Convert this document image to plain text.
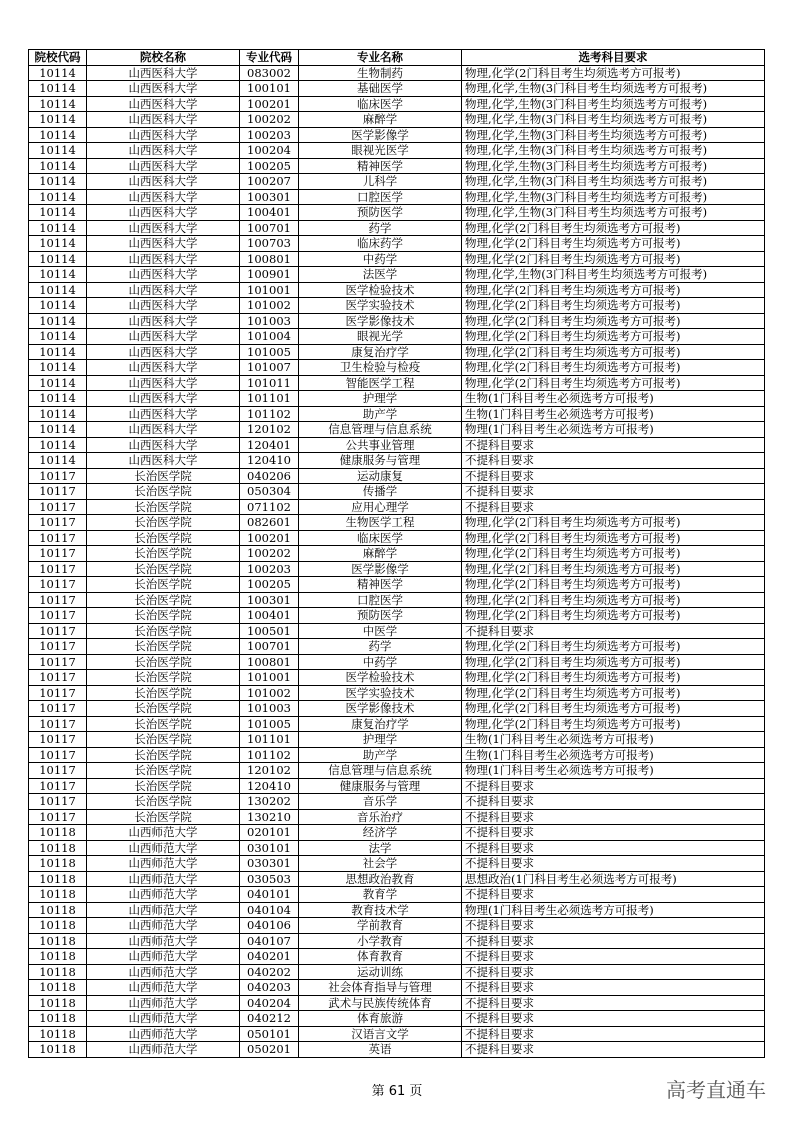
院校代码	院校名称	专业代码	专业名称	选考科目要求
10114	山西医科大学	083002	生物制药	物理,化学(2门科目考生均须选考方可报考)
10114	山西医科大学	100101	基础医学	物理,化学,生物(3门科目考生均须选考方可报考)
10114	山西医科大学	100201	临床医学	物理,化学,生物(3门科目考生均须选考方可报考)
10114	山西医科大学	100202	麻醉学	物理,化学,生物(3门科目考生均须选考方可报考)
10114	山西医科大学	100203	医学影像学	物理,化学,生物(3门科目考生均须选考方可报考)
10114	山西医科大学	100204	眼视光医学	物理,化学,生物(3门科目考生均须选考方可报考)
10114	山西医科大学	100205	精神医学	物理,化学,生物(3门科目考生均须选考方可报考)
10114	山西医科大学	100207	儿科学	物理,化学,生物(3门科目考生均须选考方可报考)
10114	山西医科大学	100301	口腔医学	物理,化学,生物(3门科目考生均须选考方可报考)
10114	山西医科大学	100401	预防医学	物理,化学,生物(3门科目考生均须选考方可报考)
10114	山西医科大学	100701	药学	物理,化学(2门科目考生均须选考方可报考)
10114	山西医科大学	100703	临床药学	物理,化学(2门科目考生均须选考方可报考)
10114	山西医科大学	100801	中药学	物理,化学(2门科目考生均须选考方可报考)
10114	山西医科大学	100901	法医学	物理,化学,生物(3门科目考生均须选考方可报考)
10114	山西医科大学	101001	医学检验技术	物理,化学(2门科目考生均须选考方可报考)
10114	山西医科大学	101002	医学实验技术	物理,化学(2门科目考生均须选考方可报考)
10114	山西医科大学	101003	医学影像技术	物理,化学(2门科目考生均须选考方可报考)
10114	山西医科大学	101004	眼视光学	物理,化学(2门科目考生均须选考方可报考)
10114	山西医科大学	101005	康复治疗学	物理,化学(2门科目考生均须选考方可报考)
10114	山西医科大学	101007	卫生检验与检疫	物理,化学(2门科目考生均须选考方可报考)
10114	山西医科大学	101011	智能医学工程	物理,化学(2门科目考生均须选考方可报考)
10114	山西医科大学	101101	护理学	生物(1门科目考生必须选考方可报考)
10114	山西医科大学	101102	助产学	生物(1门科目考生必须选考方可报考)
10114	山西医科大学	120102	信息管理与信息系统	物理(1门科目考生必须选考方可报考)
10114	山西医科大学	120401	公共事业管理	不提科目要求
10114	山西医科大学	120410	健康服务与管理	不提科目要求
10117	长治医学院	040206	运动康复	不提科目要求
10117	长治医学院	050304	传播学	不提科目要求
10117	长治医学院	071102	应用心理学	不提科目要求
10117	长治医学院	082601	生物医学工程	物理,化学(2门科目考生均须选考方可报考)
10117	长治医学院	100201	临床医学	物理,化学(2门科目考生均须选考方可报考)
10117	长治医学院	100202	麻醉学	物理,化学(2门科目考生均须选考方可报考)
10117	长治医学院	100203	医学影像学	物理,化学(2门科目考生均须选考方可报考)
10117	长治医学院	100205	精神医学	物理,化学(2门科目考生均须选考方可报考)
10117	长治医学院	100301	口腔医学	物理,化学(2门科目考生均须选考方可报考)
10117	长治医学院	100401	预防医学	物理,化学(2门科目考生均须选考方可报考)
10117	长治医学院	100501	中医学	不提科目要求
10117	长治医学院	100701	药学	物理,化学(2门科目考生均须选考方可报考)
10117	长治医学院	100801	中药学	物理,化学(2门科目考生均须选考方可报考)
10117	长治医学院	101001	医学检验技术	物理,化学(2门科目考生均须选考方可报考)
10117	长治医学院	101002	医学实验技术	物理,化学(2门科目考生均须选考方可报考)
10117	长治医学院	101003	医学影像技术	物理,化学(2门科目考生均须选考方可报考)
10117	长治医学院	101005	康复治疗学	物理,化学(2门科目考生均须选考方可报考)
10117	长治医学院	101101	护理学	生物(1门科目考生必须选考方可报考)
10117	长治医学院	101102	助产学	生物(1门科目考生必须选考方可报考)
10117	长治医学院	120102	信息管理与信息系统	物理(1门科目考生必须选考方可报考)
10117	长治医学院	120410	健康服务与管理	不提科目要求
10117	长治医学院	130202	音乐学	不提科目要求
10117	长治医学院	130210	音乐治疗	不提科目要求
10118	山西师范大学	020101	经济学	不提科目要求
10118	山西师范大学	030101	法学	不提科目要求
10118	山西师范大学	030301	社会学	不提科目要求
10118	山西师范大学	030503	思想政治教育	思想政治(1门科目考生必须选考方可报考)
10118	山西师范大学	040101	教育学	不提科目要求
10118	山西师范大学	040104	教育技术学	物理(1门科目考生必须选考方可报考)
10118	山西师范大学	040106	学前教育	不提科目要求
10118	山西师范大学	040107	小学教育	不提科目要求
10118	山西师范大学	040201	体育教育	不提科目要求
10118	山西师范大学	040202	运动训练	不提科目要求
10118	山西师范大学	040203	社会体育指导与管理	不提科目要求
10118	山西师范大学	040204	武术与民族传统体育	不提科目要求
10118	山西师范大学	040212	体育旅游	不提科目要求
10118	山西师范大学	050101	汉语言文学	不提科目要求
10118	山西师范大学	050201	英语	不提科目要求
第 61 页	高考直通车
